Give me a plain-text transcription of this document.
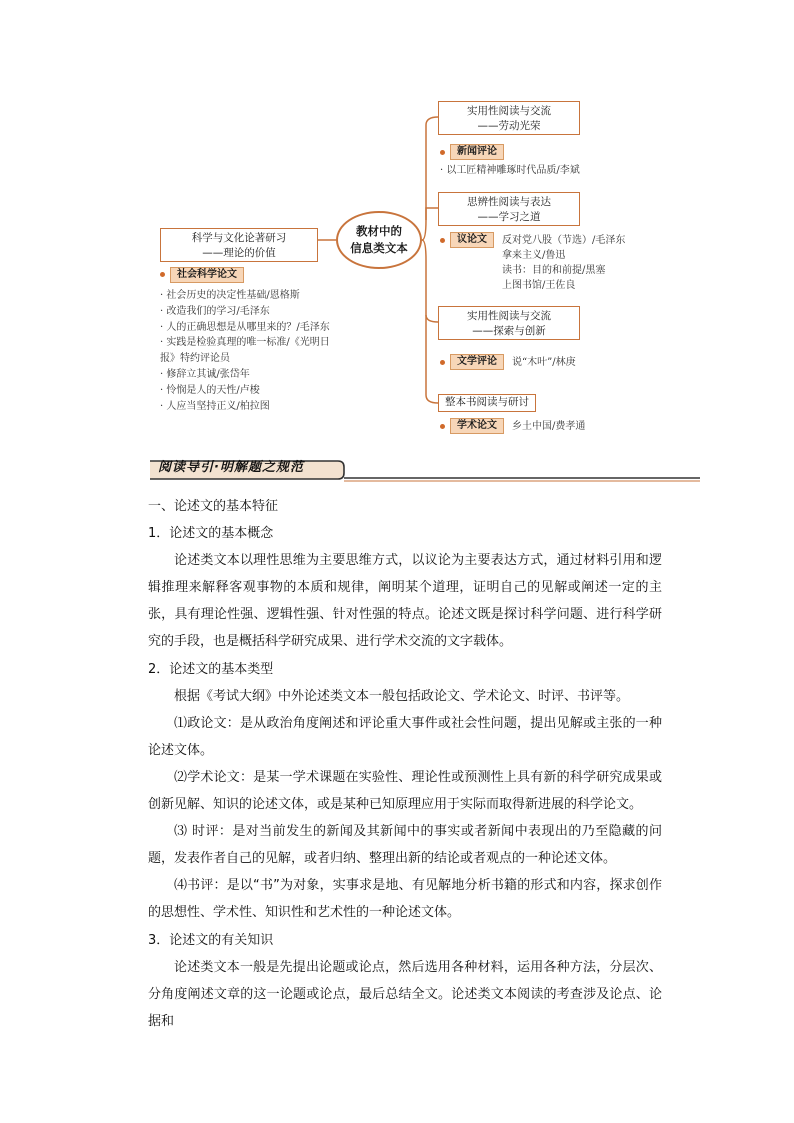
教材中的
信息类文本
科学与文化论著研习
——理论的价值
社会科学论文
· 社会历史的决定性基础/恩格斯
· 改造我们的学习/毛泽东
· 人的正确思想是从哪里来的？/毛泽东
· 实践是检验真理的唯一标准/《光明日
报》特约评论员
· 修辞立其诚/张岱年
· 怜悯是人的天性/卢梭
· 人应当坚持正义/柏拉图
实用性阅读与交流
——劳动光荣
新闻评论
· 以工匠精神雕琢时代品质/李斌
思辨性阅读与表达
——学习之道
议论文	反对党八股（节选）/毛泽东
拿来主义/鲁迅
读书：目的和前提/黑塞
上图书馆/王佐良
实用性阅读与交流
——探索与创新
文学评论	说“木叶”/林庚
整本书阅读与研讨
学术论文	乡土中国/费孝通
阅读导引·明解题之规范

一、论述文的基本特征

1．论述文的基本概念

论述类文本以理性思维为主要思维方式，以议论为主要表达方式，通过材料引用和逻辑推理来解释客观事物的本质和规律，阐明某个道理，证明自己的见解或阐述一定的主张，具有理论性强、逻辑性强、针对性强的特点。论述文既是探讨科学问题、进行科学研究的手段，也是概括科学研究成果、进行学术交流的文字载体。

2．论述文的基本类型

根据《考试大纲》中外论述类文本一般包括政论文、学术论文、时评、书评等。

⑴政论文：是从政治角度阐述和评论重大事件或社会性问题，提出见解或主张的一种论述文体。

⑵学术论文：是某一学术课题在实验性、理论性或预测性上具有新的科学研究成果或创新见解、知识的论述文体，或是某种已知原理应用于实际而取得新进展的科学论文。

⑶ 时评：是对当前发生的新闻及其新闻中的事实或者新闻中表现出的乃至隐藏的问题，发表作者自己的见解，或者归纳、整理出新的结论或者观点的一种论述文体。

⑷书评：是以“书”为对象，实事求是地、有见解地分析书籍的形式和内容，探求创作的思想性、学术性、知识性和艺术性的一种论述文体。

3．论述文的有关知识

论述类文本一般是先提出论题或论点，然后选用各种材料，运用各种方法，分层次、分角度阐述文章的这一论题或论点，最后总结全文。论述类文本阅读的考查涉及论点、论据和
